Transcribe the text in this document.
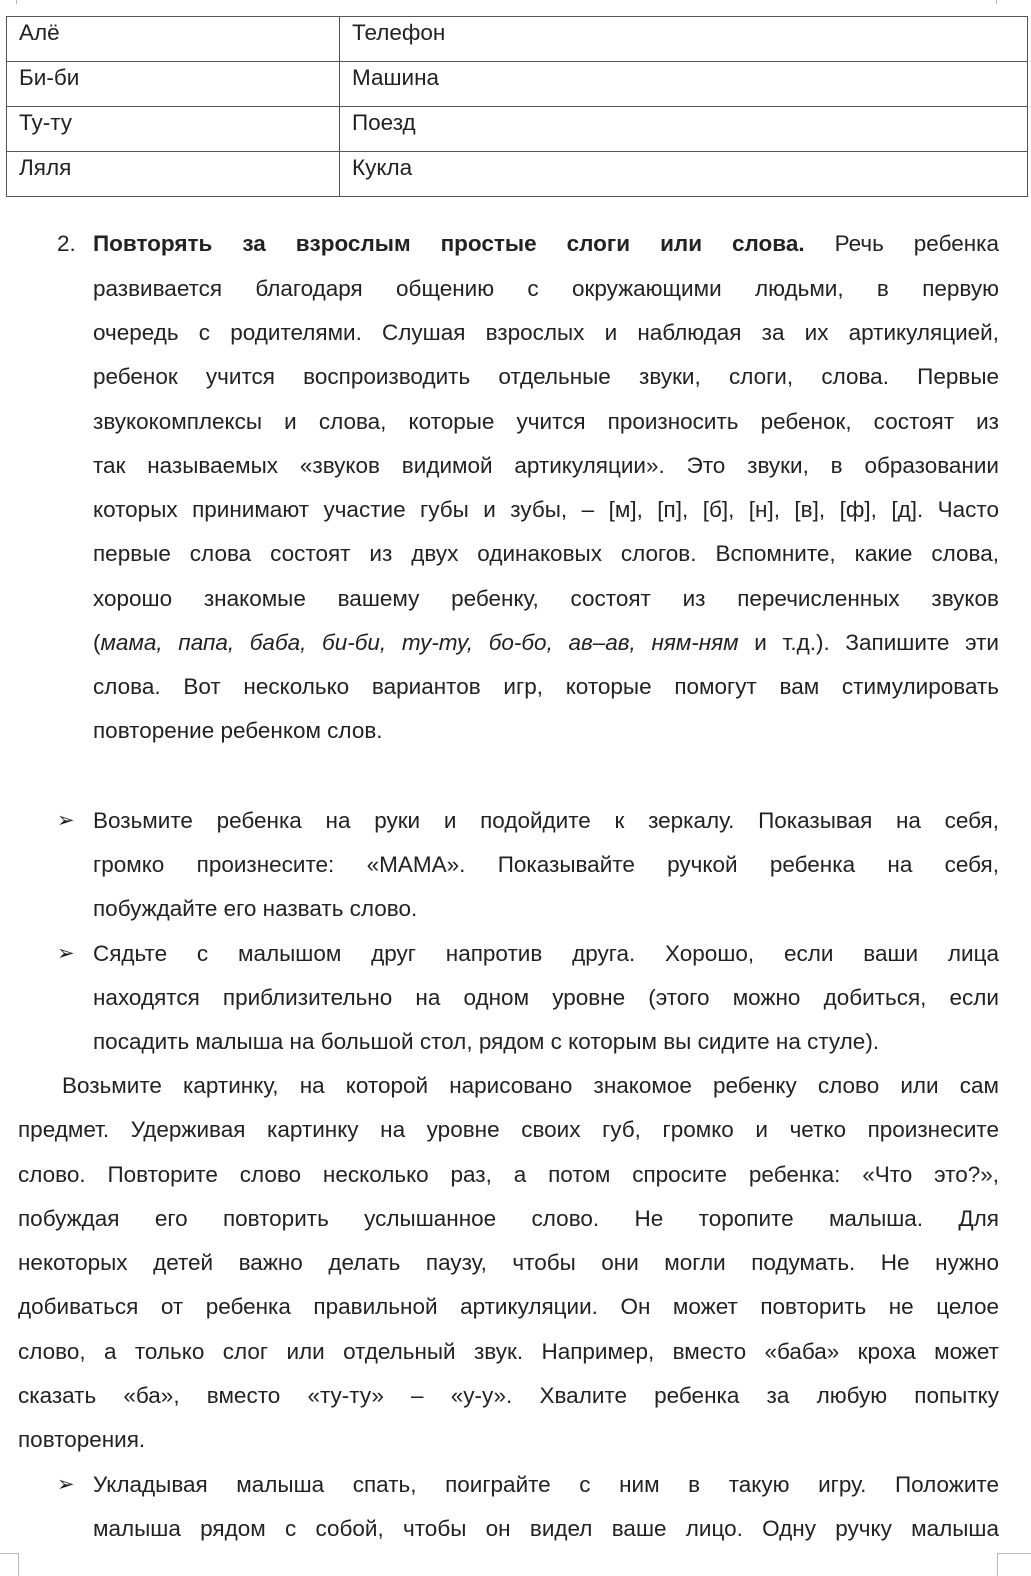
Алё	Телефон
Би-би	Машина
Ту-ту	Поезд
Ляля	Кукла
2. Повторять за взрослым простые слоги или слова. Речь ребенка
развивается благодаря общению с окружающими людьми, в первую
очередь с родителями. Слушая взрослых и наблюдая за их артикуляцией,
ребенок учится воспроизводить отдельные звуки, слоги, слова. Первые
звукокомплексы и слова, которые учится произносить ребенок, состоят из
так называемых «звуков видимой артикуляции». Это звуки, в образовании
которых принимают участие губы и зубы, – [м], [п], [б], [н], [в], [ф], [д]. Часто
первые слова состоят из двух одинаковых слогов. Вспомните, какие слова,
хорошо знакомые вашему ребенку, состоят из перечисленных звуков
(мама, папа, баба, би-би, ту-ту, бо-бо, ав–ав, ням-ням и т.д.). Запишите эти
слова. Вот несколько вариантов игр, которые помогут вам стимулировать
повторение ребенком слов.
➢ Возьмите ребенка на руки и подойдите к зеркалу. Показывая на себя,
громко произнесите: «МАМА». Показывайте ручкой ребенка на себя,
побуждайте его назвать слово.
➢ Сядьте с малышом друг напротив друга. Хорошо, если ваши лица
находятся приблизительно на одном уровне (этого можно добиться, если
посадить малыша на большой стол, рядом с которым вы сидите на стуле).
Возьмите картинку, на которой нарисовано знакомое ребенку слово или сам
предмет. Удерживая картинку на уровне своих губ, громко и четко произнесите
слово. Повторите слово несколько раз, а потом спросите ребенка: «Что это?»,
побуждая его повторить услышанное слово. Не торопите малыша. Для
некоторых детей важно делать паузу, чтобы они могли подумать. Не нужно
добиваться от ребенка правильной артикуляции. Он может повторить не целое
слово, а только слог или отдельный звук. Например, вместо «баба» кроха может
сказать «ба», вместо «ту-ту» – «у-у». Хвалите ребенка за любую попытку
повторения.
➢ Укладывая малыша спать, поиграйте с ним в такую игру. Положите
малыша рядом с собой, чтобы он видел ваше лицо. Одну ручку малыша
